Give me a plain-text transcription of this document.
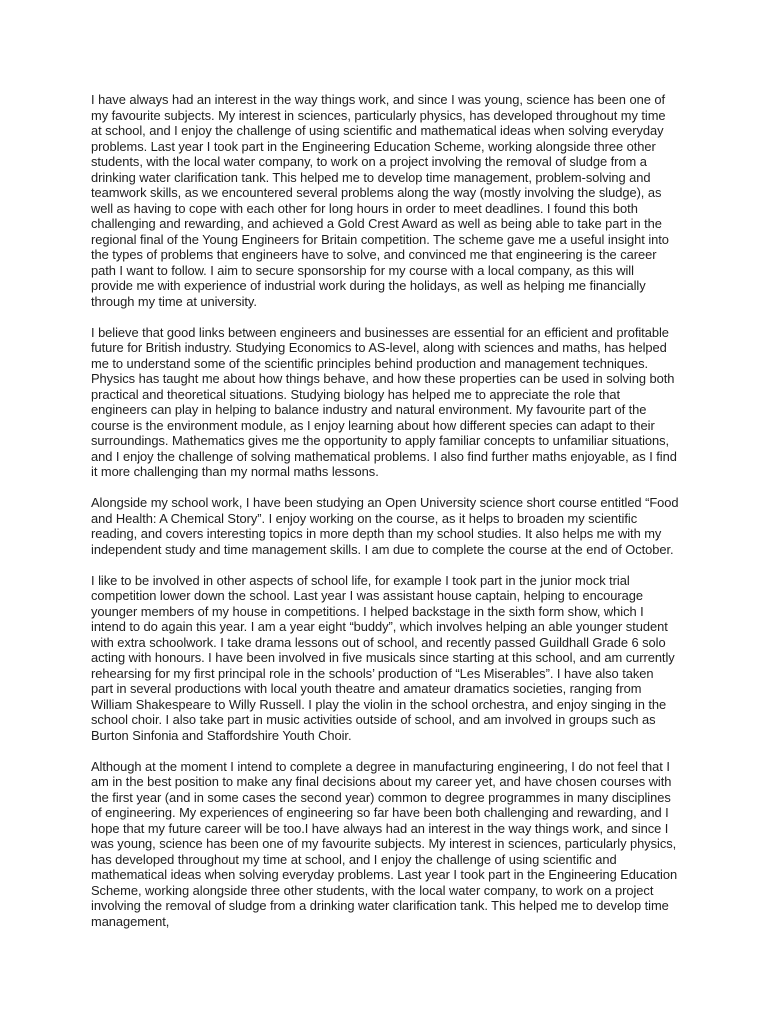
I have always had an interest in the way things work, and since I was young, science has been one of my favourite subjects. My interest in sciences, particularly physics, has developed throughout my time at school, and I enjoy the challenge of using scientific and mathematical ideas when solving everyday problems. Last year I took part in the Engineering Education Scheme, working alongside three other students, with the local water company, to work on a project involving the removal of sludge from a drinking water clarification tank. This helped me to develop time management, problem-solving and teamwork skills, as we encountered several problems along the way (mostly involving the sludge), as well as having to cope with each other for long hours in order to meet deadlines. I found this both challenging and rewarding, and achieved a Gold Crest Award as well as being able to take part in the regional final of the Young Engineers for Britain competition. The scheme gave me a useful insight into the types of problems that engineers have to solve, and convinced me that engineering is the career path I want to follow. I aim to secure sponsorship for my course with a local company, as this will provide me with experience of industrial work during the holidays, as well as helping me financially through my time at university.

I believe that good links between engineers and businesses are essential for an efficient and profitable future for British industry. Studying Economics to AS-level, along with sciences and maths, has helped me to understand some of the scientific principles behind production and management techniques. Physics has taught me about how things behave, and how these properties can be used in solving both practical and theoretical situations. Studying biology has helped me to appreciate the role that engineers can play in helping to balance industry and natural environment. My favourite part of the course is the environment module, as I enjoy learning about how different species can adapt to their surroundings. Mathematics gives me the opportunity to apply familiar concepts to unfamiliar situations, and I enjoy the challenge of solving mathematical problems. I also find further maths enjoyable, as I find it more challenging than my normal maths lessons.

Alongside my school work, I have been studying an Open University science short course entitled “Food and Health: A Chemical Story”. I enjoy working on the course, as it helps to broaden my scientific reading, and covers interesting topics in more depth than my school studies. It also helps me with my independent study and time management skills. I am due to complete the course at the end of October.

I like to be involved in other aspects of school life, for example I took part in the junior mock trial competition lower down the school. Last year I was assistant house captain, helping to encourage younger members of my house in competitions. I helped backstage in the sixth form show, which I intend to do again this year. I am a year eight “buddy”, which involves helping an able younger student with extra schoolwork. I take drama lessons out of school, and recently passed Guildhall Grade 6 solo acting with honours. I have been involved in five musicals since starting at this school, and am currently rehearsing for my first principal role in the schools’ production of “Les Miserables”. I have also taken part in several productions with local youth theatre and amateur dramatics societies, ranging from William Shakespeare to Willy Russell. I play the violin in the school orchestra, and enjoy singing in the school choir. I also take part in music activities outside of school, and am involved in groups such as Burton Sinfonia and Staffordshire Youth Choir.

Although at the moment I intend to complete a degree in manufacturing engineering, I do not feel that I am in the best position to make any final decisions about my career yet, and have chosen courses with the first year (and in some cases the second year) common to degree programmes in many disciplines of engineering. My experiences of engineering so far have been both challenging and rewarding, and I hope that my future career will be too.I have always had an interest in the way things work, and since I was young, science has been one of my favourite subjects. My interest in sciences, particularly physics, has developed throughout my time at school, and I enjoy the challenge of using scientific and mathematical ideas when solving everyday problems. Last year I took part in the Engineering Education Scheme, working alongside three other students, with the local water company, to work on a project involving the removal of sludge from a drinking water clarification tank. This helped me to develop time management,
